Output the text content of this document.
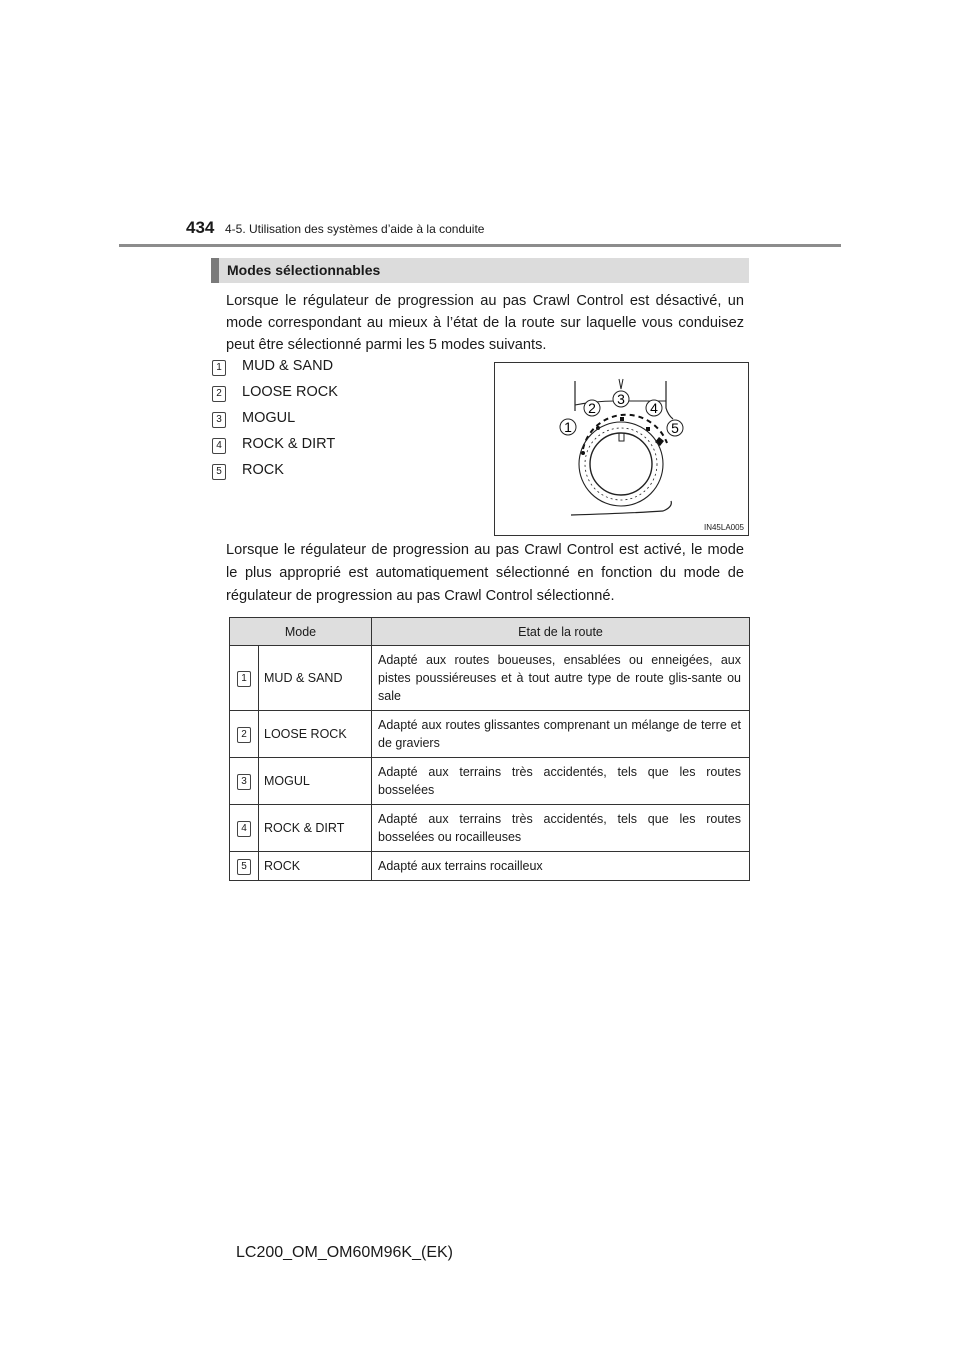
434 4-5. Utilisation des systèmes d’aide à la conduite
Modes sélectionnables
Lorsque le régulateur de progression au pas Crawl Control est désactivé, un mode correspondant au mieux à l’état de la route sur laquelle vous conduisez peut être sélectionné parmi les 5 modes suivants.
1 MUD & SAND
2 LOOSE ROCK
3 MOGUL
4 ROCK & DIRT
5 ROCK
1
2
3
4
5
IN45LA005
Lorsque le régulateur de progression au pas Crawl Control est activé, le mode le plus approprié est automatiquement sélectionné en fonction du mode de régulateur de progression au pas Crawl Control sélectionné.
Mode		Etat de la route
1	MUD & SAND	Adapté aux routes boueuses, ensablées ou enneigées, aux pistes poussiéreuses et à tout autre type de route glis-sante ou sale
2	LOOSE ROCK	Adapté aux routes glissantes comprenant un mélange de terre et de graviers
3	MOGUL	Adapté aux terrains très accidentés, tels que les routes bosselées
4	ROCK & DIRT	Adapté aux terrains très accidentés, tels que les routes bosselées ou rocailleuses
5	ROCK	Adapté aux terrains rocailleux
LC200_OM_OM60M96K_(EK)
